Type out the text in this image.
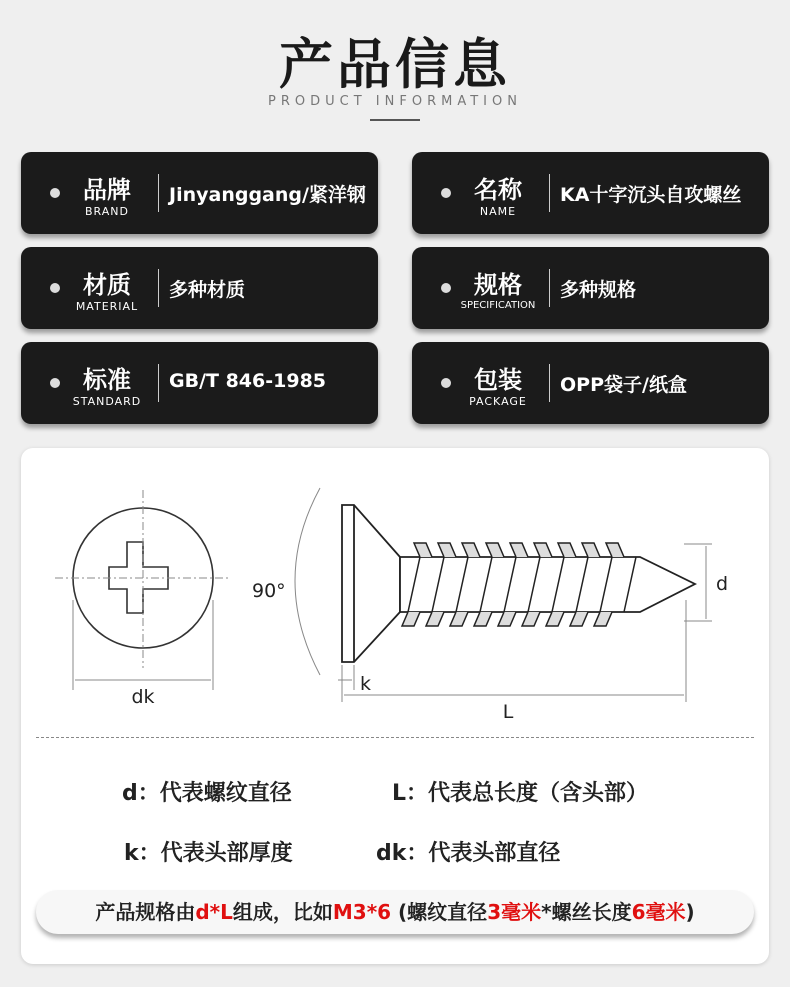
产品信息
PRODUCT INFORMATION
品牌
BRAND
Jinyanggang/紧洋钢	名称
NAME
KA十字沉头自攻螺丝
材质
MATERIAL
多种材质	规格
SPECIFICATION
多种规格
标准
STANDARD
GB/T 846-1985	包装
PACKAGE
OPP袋子/纸盒
dk
90°
k
L
d
d：代表螺纹直径	L：代表总长度（含头部）
k：代表头部厚度	dk：代表头部直径
产品规格由d*L组成，比如M3*6 (螺纹直径3毫米*螺丝长度6毫米)
